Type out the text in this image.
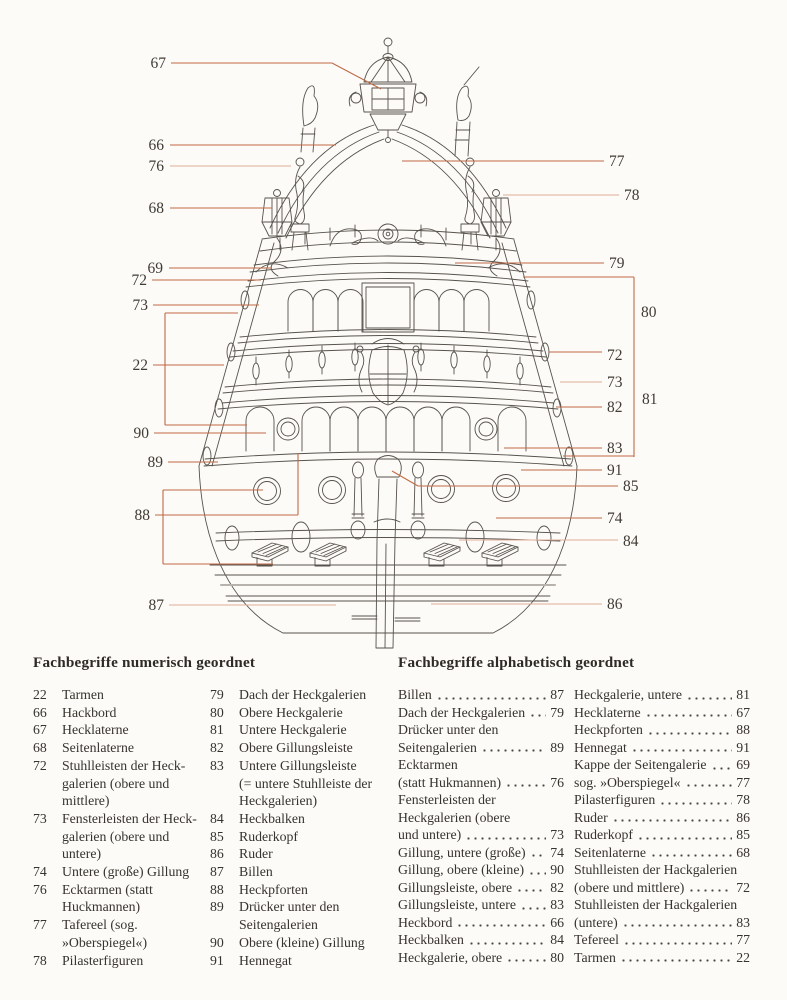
67
66
76
68
69
72
73
22
90
89
88
87
77
78
79
80
72
73
82 81
83
91
85
74
84
86
Fachbegriffe numerisch geordnet
22	Tarmen
66	Hackbord
67	Hecklaterne
68	Seitenlaterne
72	Stuhlleisten der Heck-
galerien (obere und
mittlere)
73	Fensterleisten der Heck-
galerien (obere und
untere)
74	Untere (große) Gillung
76	Ecktarmen (statt
Huckmannen)
77	Tafereel (sog.
»Oberspiegel«)
78	Pilasterfiguren
79	Dach der Heckgalerien
80	Obere Heckgalerie
81	Untere Heckgalerie
82	Obere Gillungsleiste
83	Untere Gillungsleiste
(= untere Stuhlleiste der
Heckgalerien)
84	Heckbalken
85	Ruderkopf
86	Ruder
87	Billen
88	Heckpforten
89	Drücker unter den
Seitengalerien
90	Obere (kleine) Gillung
91	Hennegat
Fachbegriffe alphabetisch geordnet
Billen	87
Dach der Heckgalerien 79
Drücker unter den
Seitengalerien	89
Ecktarmen
(statt Hukmannen)	76
Fensterleisten der
Heckgalerien (obere
und untere)	73
Gillung, untere (große) 74
Gillung, obere (kleine) 90
Gillungsleiste, obere	82
Gillungsleiste, untere 83
Heckbord	66
Heckbalken	84
Heckgalerie, obere	80
Heckgalerie, untere	81
Hecklaterne	67
Heckpforten	88
Hennegat	91
Kappe der Seitengalerie 69
sog. »Oberspiegel«	77
Pilasterfiguren	78
Ruder	86
Ruderkopf	85
Seitenlaterne	68
Stuhlleisten der Hackgalerien
(obere und mittlere)	72
Stuhlleisten der Hackgalerien
(untere)	83
Tefereel	77
Tarmen	22
